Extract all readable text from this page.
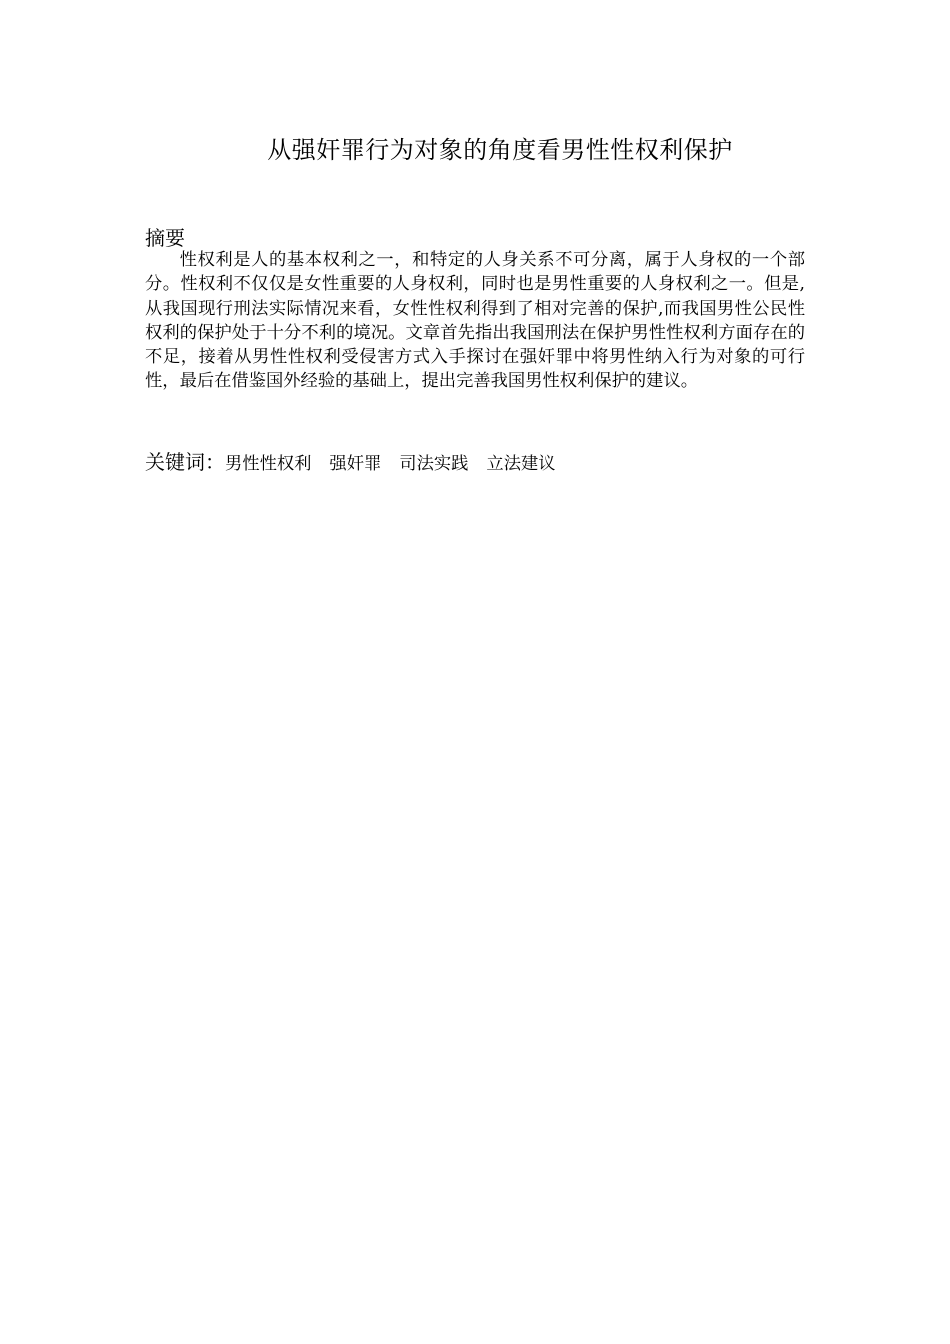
从强奸罪行为对象的角度看男性性权利保护
摘要

性权利是人的基本权利之一，和特定的人身关系不可分离，属于人身权的一个部分。性权利不仅仅是女性重要的人身权利，同时也是男性重要的人身权利之一。但是,从我国现行刑法实际情况来看，女性性权利得到了相对完善的保护,而我国男性公民性权利的保护处于十分不利的境况。文章首先指出我国刑法在保护男性性权利方面存在的不足，接着从男性性权利受侵害方式入手探讨在强奸罪中将男性纳入行为对象的可行性，最后在借鉴国外经验的基础上，提出完善我国男性权利保护的建议。

关键词：男性性权利 强奸罪 司法实践 立法建议
